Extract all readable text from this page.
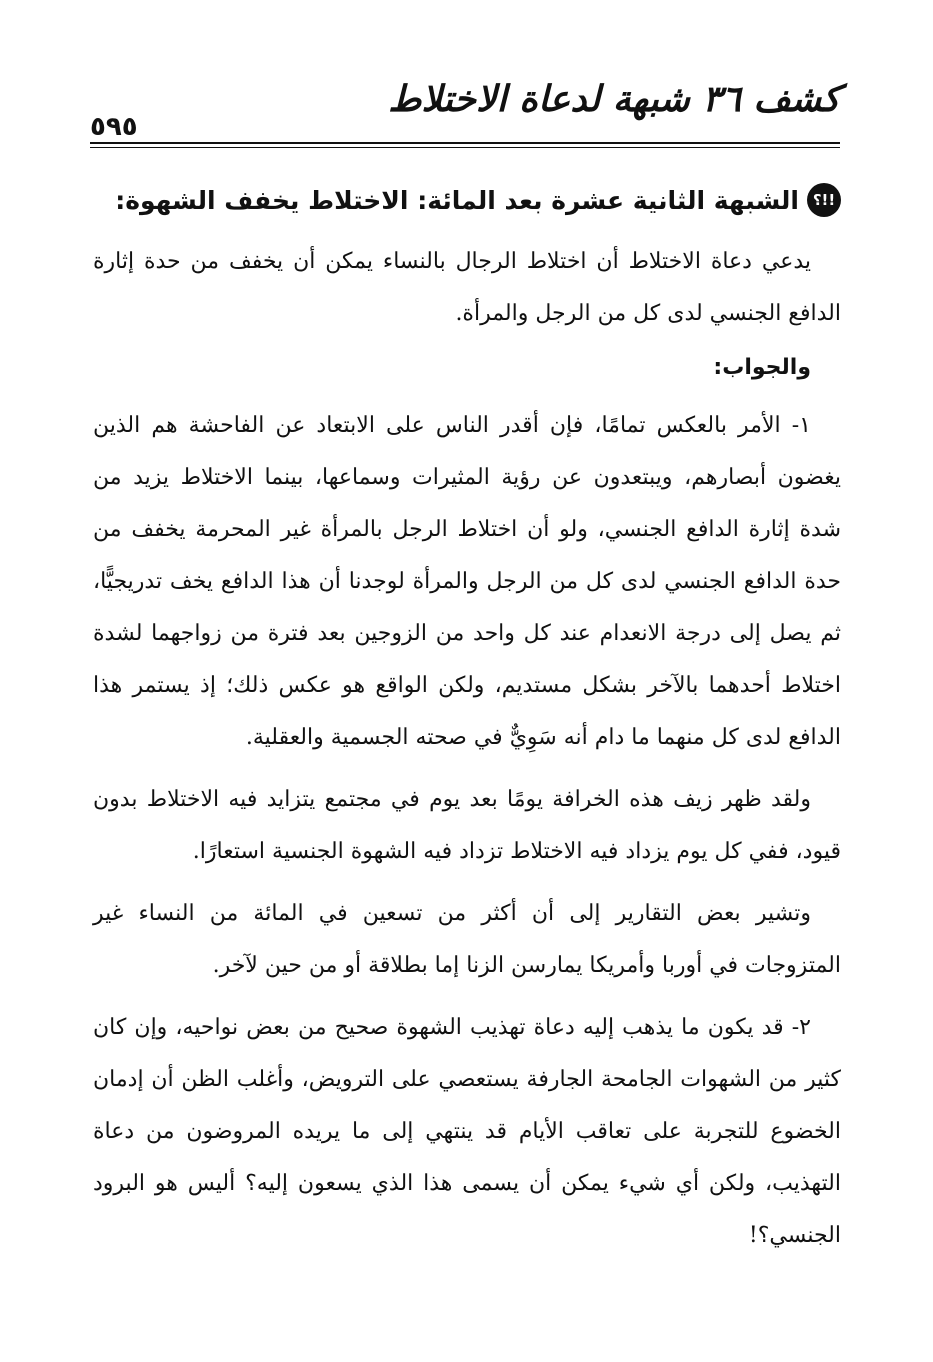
كشف ٣٦ شبهة لدعاة الاختلاط
٥٩٥
!!؟
الشبهة الثانية عشرة بعد المائة: الاختلاط يخفف الشهوة:

يدعي دعاة الاختلاط أن اختلاط الرجال بالنساء يمكن أن يخفف من حدة إثارة الدافع الجنسي لدى كل من الرجل والمرأة.

والجواب:

١- الأمر بالعكس تمامًا، فإن أقدر الناس على الابتعاد عن الفاحشة هم الذين يغضون أبصارهم، ويبتعدون عن رؤية المثيرات وسماعها، بينما الاختلاط يزيد من شدة إثارة الدافع الجنسي، ولو أن اختلاط الرجل بالمرأة غير المحرمة يخفف من حدة الدافع الجنسي لدى كل من الرجل والمرأة لوجدنا أن هذا الدافع يخف تدريجيًّا، ثم يصل إلى درجة الانعدام عند كل واحد من الزوجين بعد فترة من زواجهما لشدة اختلاط أحدهما بالآخر بشكل مستديم، ولكن الواقع هو عكس ذلك؛ إذ يستمر هذا الدافع لدى كل منهما ما دام أنه سَوِيٌّ في صحته الجسمية والعقلية.

ولقد ظهر زيف هذه الخرافة يومًا بعد يوم في مجتمع يتزايد فيه الاختلاط بدون قيود، ففي كل يوم يزداد فيه الاختلاط تزداد فيه الشهوة الجنسية استعارًا.

وتشير بعض التقارير إلى أن أكثر من تسعين في المائة من النساء غير المتزوجات في أوربا وأمريكا يمارسن الزنا إما بطلاقة أو من حين لآخر.

٢- قد يكون ما يذهب إليه دعاة تهذيب الشهوة صحيح من بعض نواحيه، وإن كان كثير من الشهوات الجامحة الجارفة يستعصي على الترويض، وأغلب الظن أن إدمان الخضوع للتجربة على تعاقب الأيام قد ينتهي إلى ما يريده المروضون من دعاة التهذيب، ولكن أي شيء يمكن أن يسمى هذا الذي يسعون إليه؟ أليس هو البرود الجنسي؟!
